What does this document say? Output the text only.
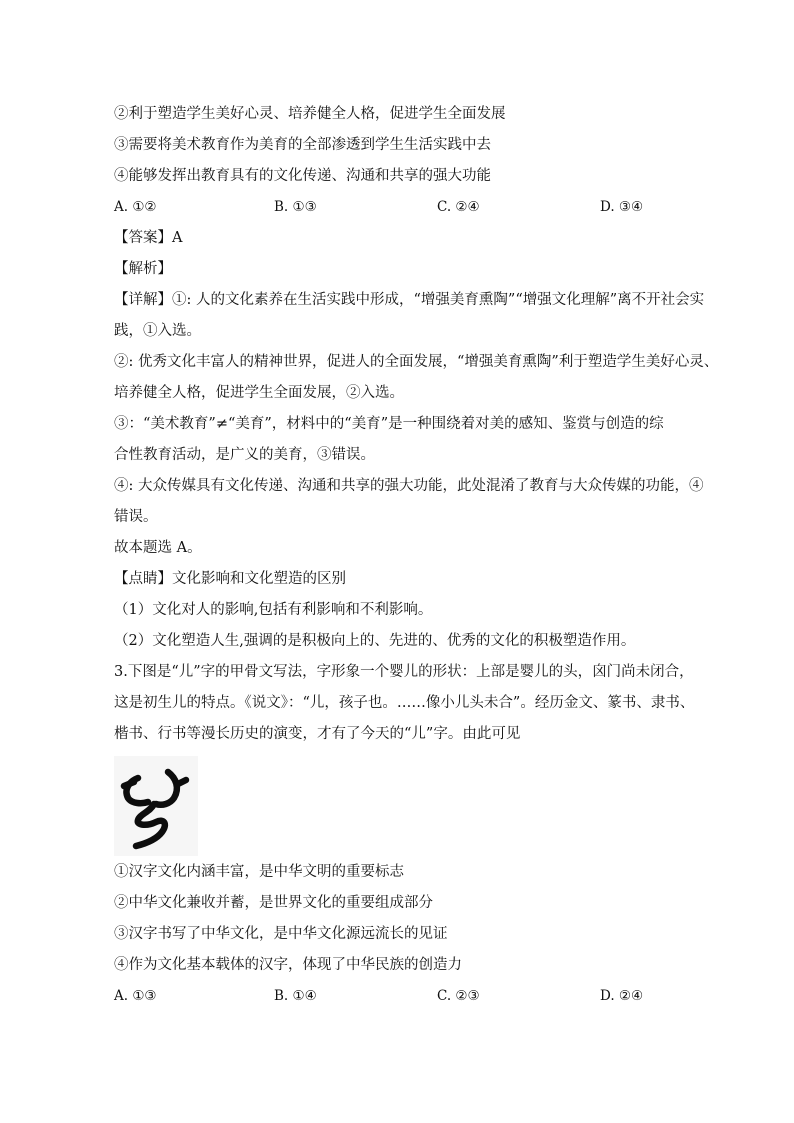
②利于塑造学生美好心灵、培养健全人格，促进学生全面发展
③需要将美术教育作为美育的全部渗透到学生生活实践中去
④能够发挥出教育具有的文化传递、沟通和共享的强大功能
A. ①②	B. ①③	C. ②④	D. ③④
【答案】A
【解析】
【详解】①: 人的文化素养在生活实践中形成，“增强美育熏陶”“增强文化理解”离不开社会实
践，①入选。
②: 优秀文化丰富人的精神世界，促进人的全面发展，“增强美育熏陶”利于塑造学生美好心灵、
培养健全人格，促进学生全面发展，②入选。
③：“美术教育”≠“美育”，材料中的“美育”是一种围绕着对美的感知、鉴赏与创造的综
合性教育活动，是广义的美育，③错误。
④: 大众传媒具有文化传递、沟通和共享的强大功能，此处混淆了教育与大众传媒的功能，④
错误。
故本题选 A。
【点睛】文化影响和文化塑造的区别
（1）文化对人的影响,包括有利影响和不利影响。
（2）文化塑造人生,强调的是积极向上的、先进的、优秀的文化的积极塑造作用。
3.下图是“儿”字的甲骨文写法，字形象一个婴儿的形状：上部是婴儿的头，囟门尚未闭合，
这是初生儿的特点。《说文》：“儿，孩子也。……像小儿头未合”。经历金文、篆书、隶书、
楷书、行书等漫长历史的演变，才有了今天的“儿”字。由此可见
①汉字文化内涵丰富，是中华文明的重要标志
②中华文化兼收并蓄，是世界文化的重要组成部分
③汉字书写了中华文化，是中华文化源远流长的见证
④作为文化基本载体的汉字，体现了中华民族的创造力
A. ①③	B. ①④	C. ②③	D. ②④
